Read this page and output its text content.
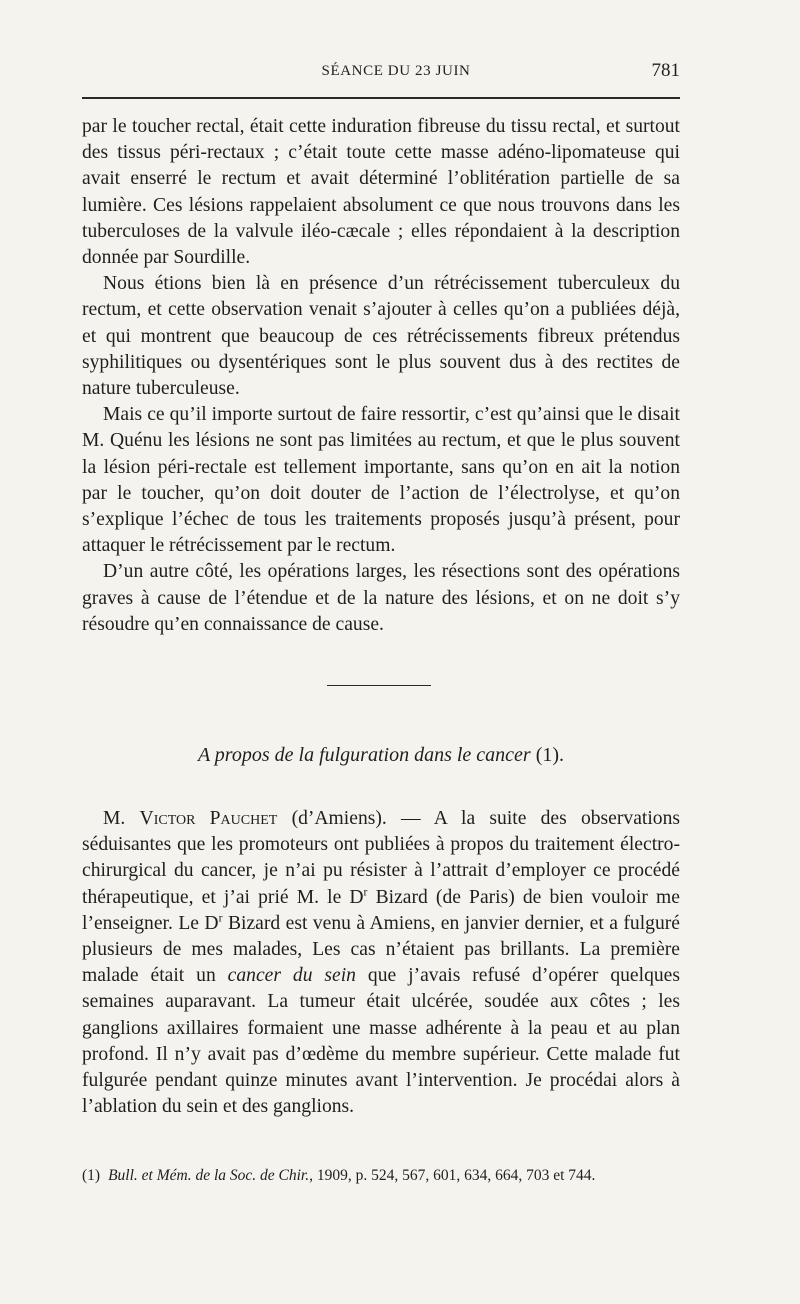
SÉANCE DU 23 JUIN	781

par le toucher rectal, était cette induration fibreuse du tissu rectal, et surtout des tissus péri-rectaux ; c’était toute cette masse adéno-lipomateuse qui avait enserré le rectum et avait déterminé l’oblitération partielle de sa lumière. Ces lésions rappelaient absolument ce que nous trouvons dans les tuberculoses de la valvule iléo-cæcale ; elles répondaient à la description donnée par Sourdille.

Nous étions bien là en présence d’un rétrécissement tuberculeux du rectum, et cette observation venait s’ajouter à celles qu’on a publiées déjà, et qui montrent que beaucoup de ces rétrécissements fibreux prétendus syphilitiques ou dysentériques sont le plus souvent dus à des rectites de nature tuberculeuse.

Mais ce qu’il importe surtout de faire ressortir, c’est qu’ainsi que le disait M. Quénu les lésions ne sont pas limitées au rectum, et que le plus souvent la lésion péri-rectale est tellement importante, sans qu’on en ait la notion par le toucher, qu’on doit douter de l’action de l’électrolyse, et qu’on s’explique l’échec de tous les traitements proposés jusqu’à présent, pour attaquer le rétrécissement par le rectum.

D’un autre côté, les opérations larges, les résections sont des opérations graves à cause de l’étendue et de la nature des lésions, et on ne doit s’y résoudre qu’en connaissance de cause.

A propos de la fulguration dans le cancer (1).

M. Victor Pauchet (d’Amiens). — A la suite des observations séduisantes que les promoteurs ont publiées à propos du traitement électro-chirurgical du cancer, je n’ai pu résister à l’attrait d’employer ce procédé thérapeutique, et j’ai prié M. le $D^r$ Bizard (de Paris) de bien vouloir me l’enseigner. Le $D^r$ Bizard est venu à Amiens, en janvier dernier, et a fulguré plusieurs de mes malades, Les cas n’étaient pas brillants. La première malade était un cancer du sein que j’avais refusé d’opérer quelques semaines auparavant. La tumeur était ulcérée, soudée aux côtes ; les ganglions axillaires formaient une masse adhérente à la peau et au plan profond. Il n’y avait pas d’œdème du membre supérieur. Cette malade fut fulgurée pendant quinze minutes avant l’intervention. Je procédai alors à l’ablation du sein et des ganglions.

(1) Bull. et Mém. de la Soc. de Chir., 1909, p. 524, 567, 601, 634, 664, 703 et 744.
